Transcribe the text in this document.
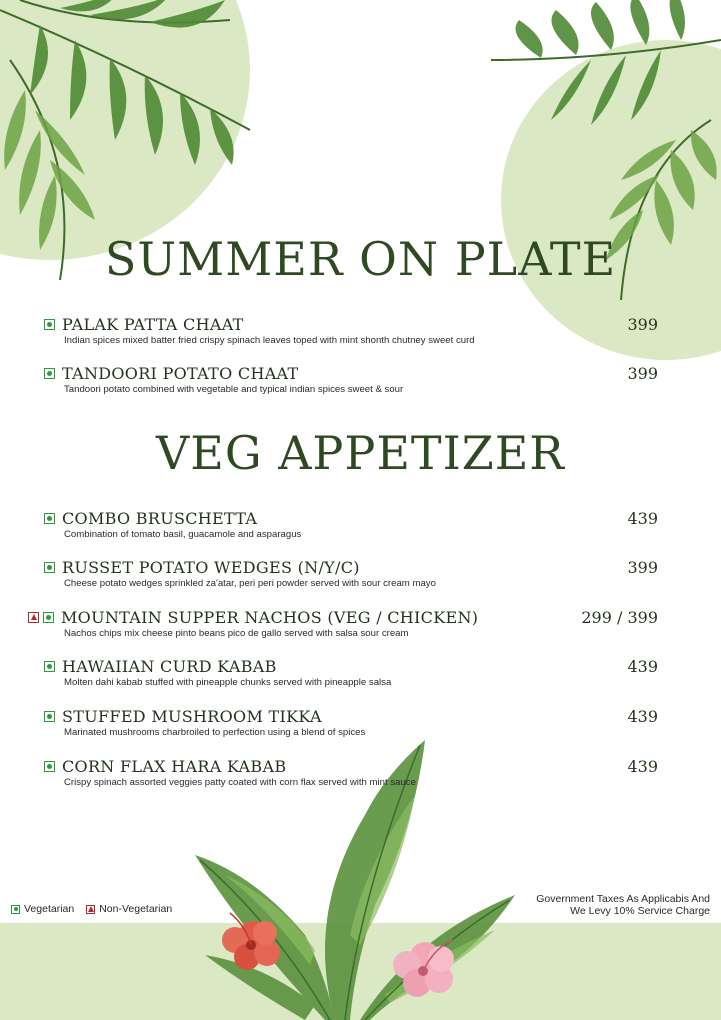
SUMMER ON PLATE
PALAK PATTA CHAAT	399
Indian spices mixed batter fried crispy spinach leaves toped with mint shonth chutney sweet curd
TANDOORI POTATO CHAAT	399
Tandoori potato combined with vegetable and typical indian spices sweet & sour
VEG APPETIZER
COMBO BRUSCHETTA	439
Combination of tomato basil, guacamole and asparagus
RUSSET POTATO WEDGES (N/Y/C)	399
Cheese potato wedges sprinkled za'atar, peri peri powder served with sour cream mayo
MOUNTAIN SUPPER NACHOS (VEG / CHICKEN)	299 / 399
Nachos chips mix cheese pinto beans pico de gallo served with salsa sour cream
HAWAIIAN CURD KABAB	439
Molten dahi kabab stuffed with pineapple chunks served with pineapple salsa
STUFFED MUSHROOM TIKKA	439
Marinated mushrooms charbroiled to perfection using a blend of spices
CORN FLAX HARA KABAB	439
Crispy spinach assorted veggies patty coated with corn flax served with mint sauce
Vegetarian Non-Vegetarian
Government Taxes As Applicabis And
We Levy 10% Service Charge
